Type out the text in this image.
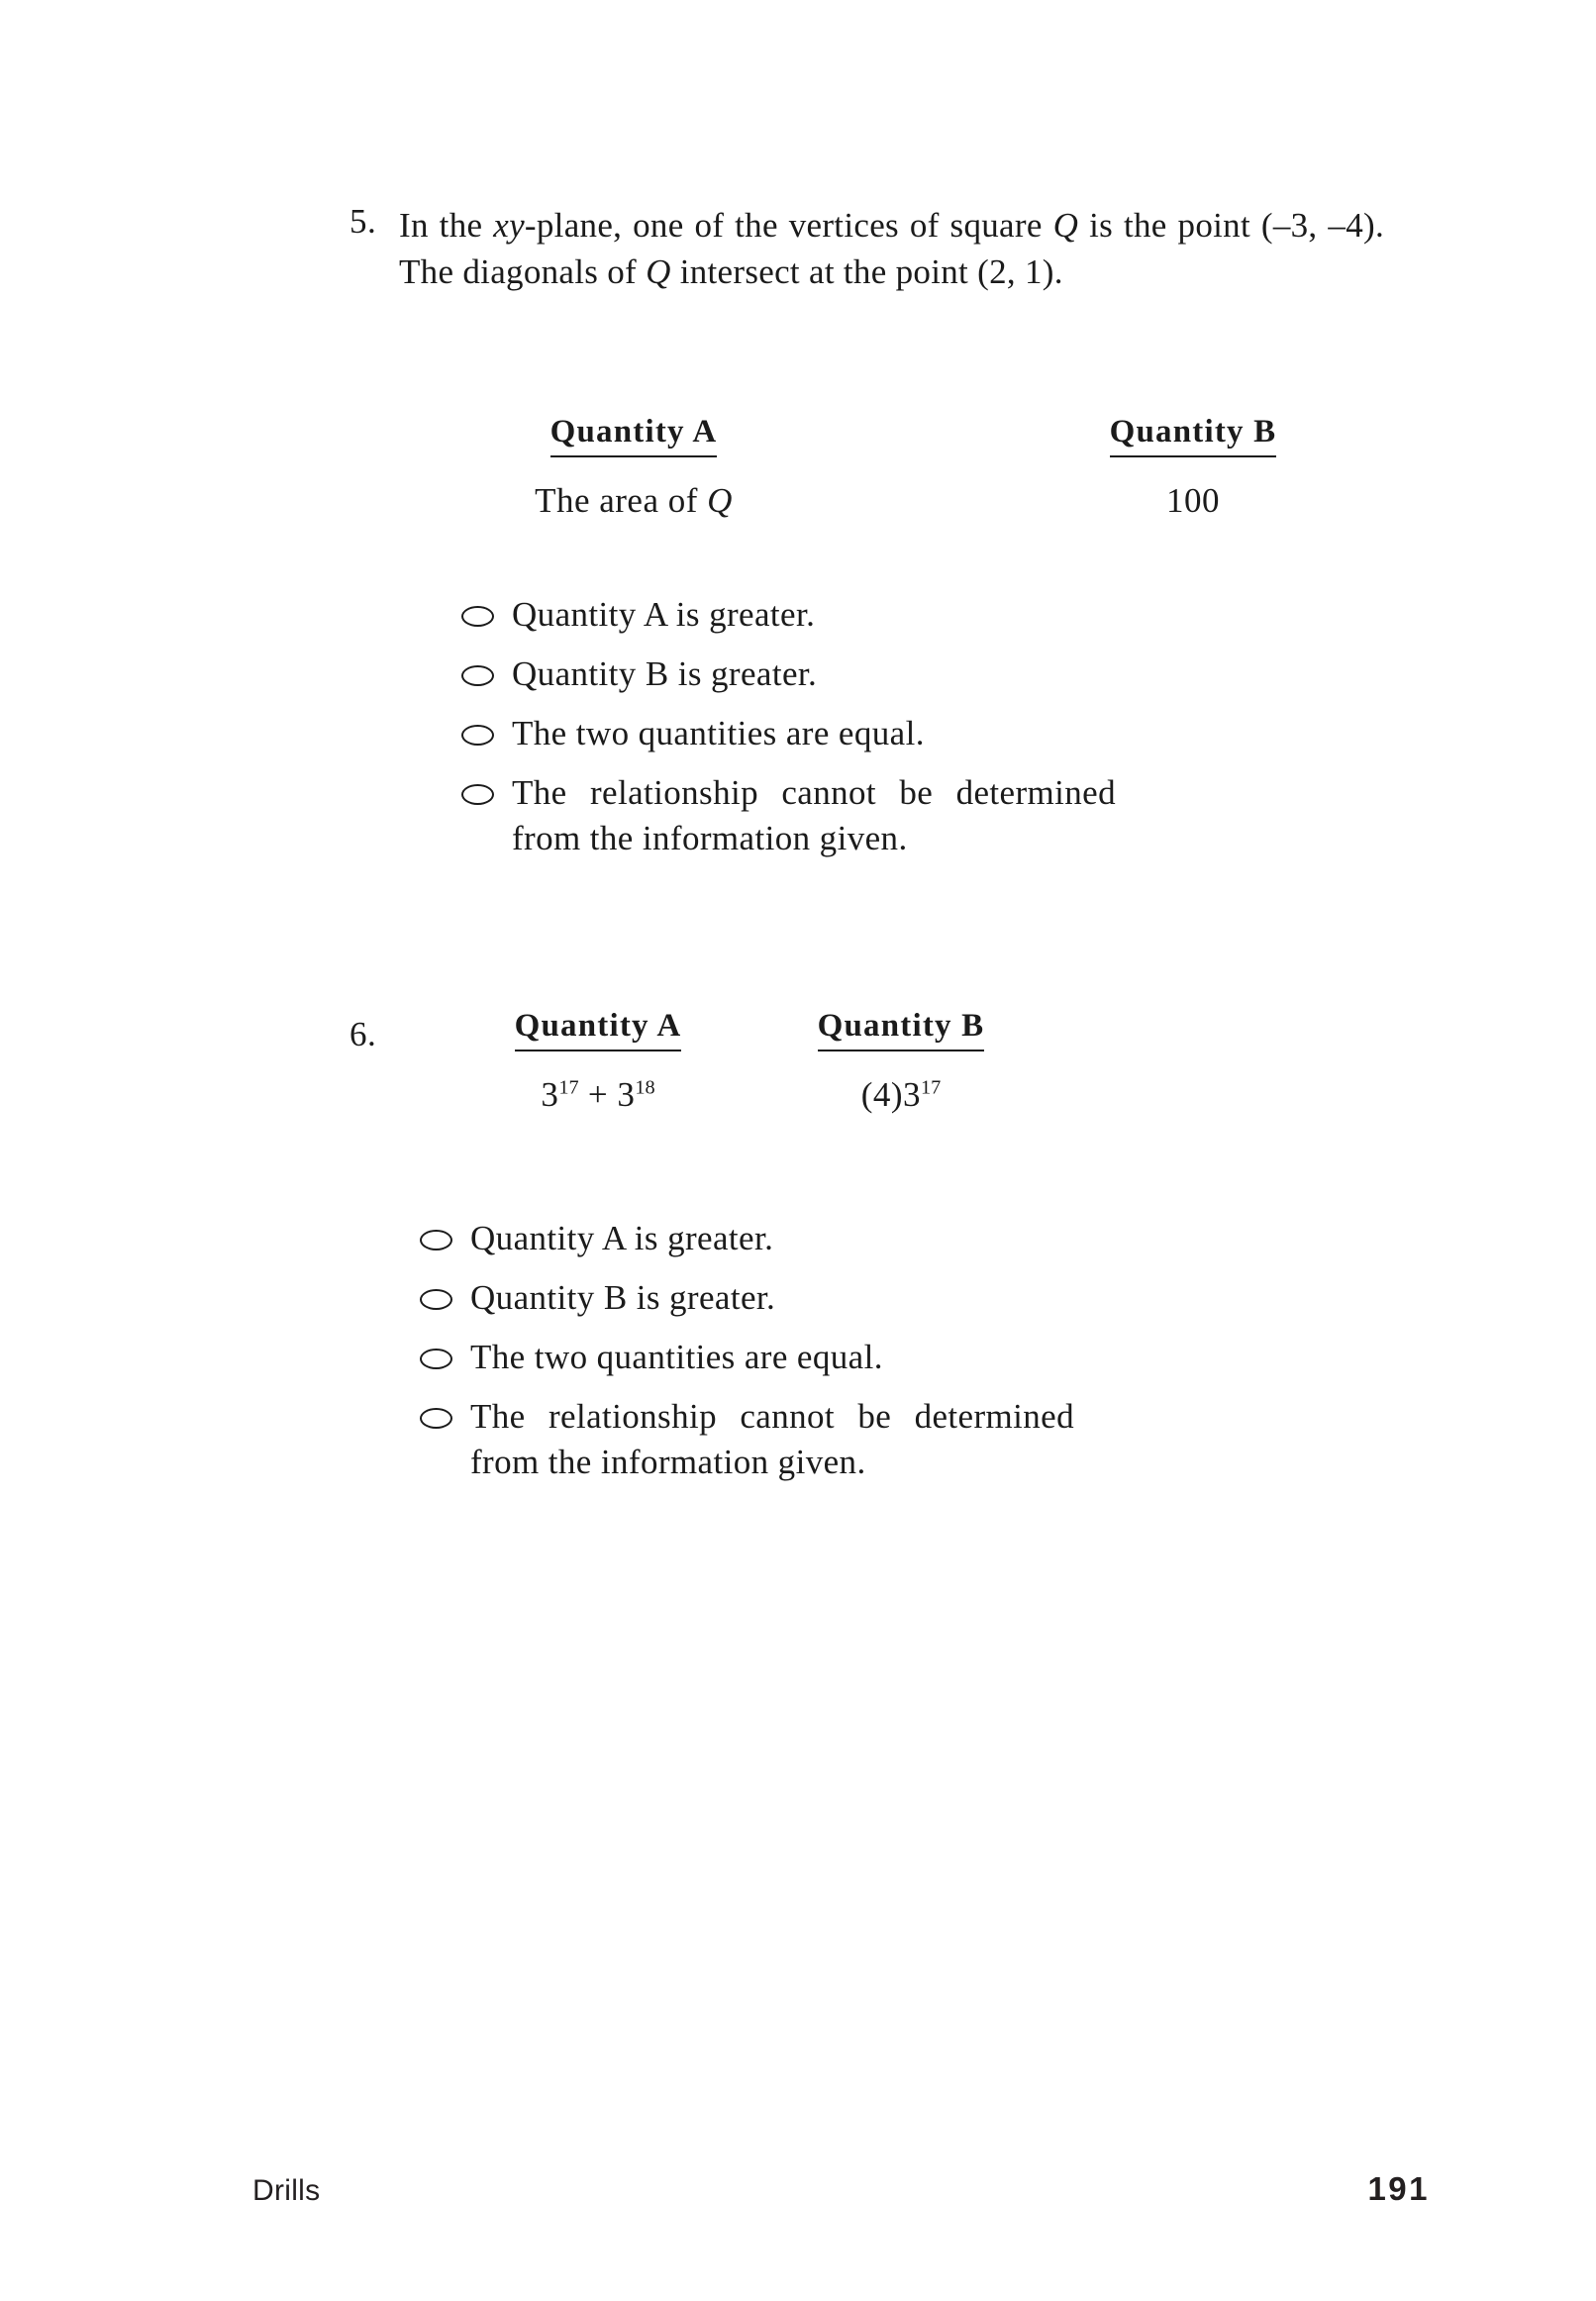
5. In the xy-plane, one of the vertices of square Q is the point (–3, –4). The diagonals of Q intersect at the point (2, 1).
Quantity A
The area of Q
Quantity B
100
Quantity A is greater.
Quantity B is greater.
The two quantities are equal.
The relationship cannot be determined from the information given.
6.	Quantity A
$3^{17} + 3^{18}$
Quantity B
$(4)3^{17}$
Quantity A is greater.
Quantity B is greater.
The two quantities are equal.
The relationship cannot be determined from the information given.
Drills	191
